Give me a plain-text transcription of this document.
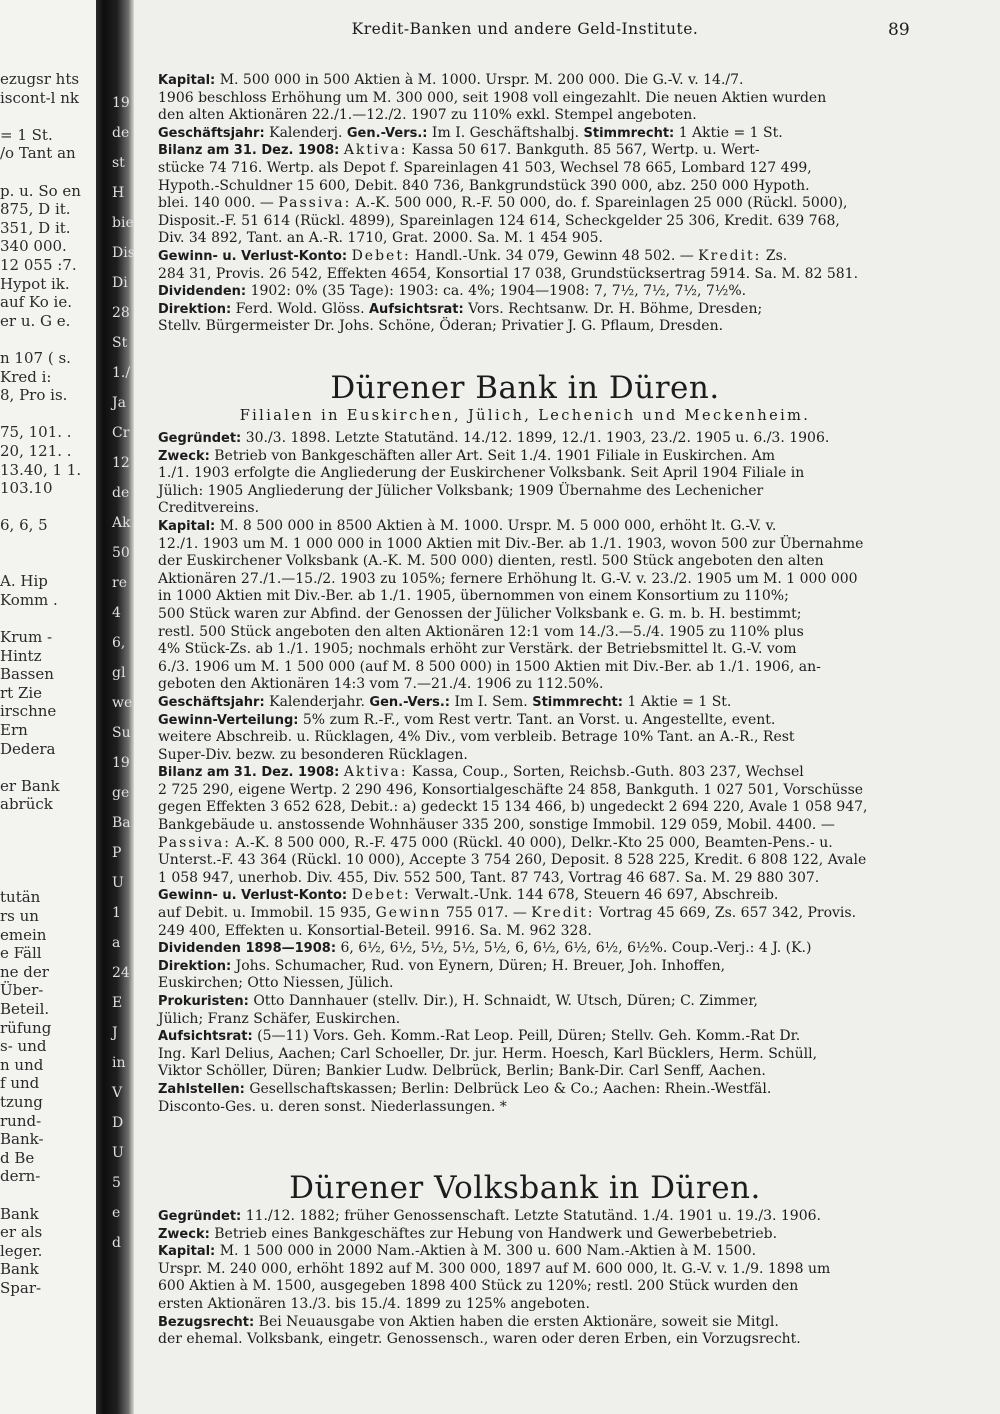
ezugsr hts
iscont-l nk
= 1 St.
/o Tant an
p. u. So en
875, D it.
351, D it.
340 000.
12 055 :7.
Hypot ik.
auf Ko ie.
er u. G e.
n 107 ( s.
Kred i:
8, Pro is.
75, 101. .
20, 121. .
13.40, 1 1.
103.10
6, 6, 5
A. Hip
Komm .
Krum -
Hintz
Bassen
rt Zie
irschne
Ern
Dedera
er Bank
abrück
tutän
rs un
emein
e Fäll
ne der
Über-
Beteil.
rüfung
s- und
n und
f und
tzung
rund-
Bank-
d Be
dern-
Bank
er als
leger.
Bank
Spar-
19
de
st
H
bie
Dis
Di
28
St
1./
Ja
Cr
12
de
Ak
50
re
4
6,
gl
we
Su
19
ge
Ba
P
U
1
a
24
E
J
in
V
D
U
5
e
d
Kredit-Banken und andere Geld-Institute.	89

Kapital: M. 500 000 in 500 Aktien à M. 1000. Urspr. M. 200 000. Die G.-V. v. 14./7.

1906 beschloss Erhöhung um M. 300 000, seit 1908 voll eingezahlt. Die neuen Aktien wurden

den alten Aktionären 22./1.—12./2. 1907 zu 110% exkl. Stempel angeboten.

Geschäftsjahr: Kalenderj. Gen.-Vers.: Im I. Geschäftshalbj. Stimmrecht: 1 Aktie = 1 St.

Bilanz am 31. Dez. 1908: Aktiva: Kassa 50 617. Bankguth. 85 567, Wertp. u. Wert-

stücke 74 716. Wertp. als Depot f. Spareinlagen 41 503, Wechsel 78 665, Lombard 127 499,

Hypoth.-Schuldner 15 600, Debit. 840 736, Bankgrundstück 390 000, abz. 250 000 Hypoth.

blei. 140 000. — Passiva: A.-K. 500 000, R.-F. 50 000, do. f. Spareinlagen 25 000 (Rückl. 5000),

Disposit.-F. 51 614 (Rückl. 4899), Spareinlagen 124 614, Scheckgelder 25 306, Kredit. 639 768,

Div. 34 892, Tant. an A.-R. 1710, Grat. 2000. Sa. M. 1 454 905.

Gewinn- u. Verlust-Konto: Debet: Handl.-Unk. 34 079, Gewinn 48 502. — Kredit: Zs.

284 31, Provis. 26 542, Effekten 4654, Konsortial 17 038, Grundstücksertrag 5914. Sa. M. 82 581.

Dividenden: 1902: 0% (35 Tage): 1903: ca. 4%; 1904—1908: 7, 7½, 7½, 7½, 7½%.

Direktion: Ferd. Wold. Glöss. Aufsichtsrat: Vors. Rechtsanw. Dr. H. Böhme, Dresden;

Stellv. Bürgermeister Dr. Johs. Schöne, Öderan; Privatier J. G. Pflaum, Dresden.

Dürener Bank in Düren.
Filialen in Euskirchen, Jülich, Lechenich und Meckenheim.

Gegründet: 30./3. 1898. Letzte Statutänd. 14./12. 1899, 12./1. 1903, 23./2. 1905 u. 6./3. 1906.

Zweck: Betrieb von Bankgeschäften aller Art. Seit 1./4. 1901 Filiale in Euskirchen. Am

1./1. 1903 erfolgte die Angliederung der Euskirchener Volksbank. Seit April 1904 Filiale in

Jülich: 1905 Angliederung der Jülicher Volksbank; 1909 Übernahme des Lechenicher

Creditvereins.

Kapital: M. 8 500 000 in 8500 Aktien à M. 1000. Urspr. M. 5 000 000, erhöht lt. G.-V. v.

12./1. 1903 um M. 1 000 000 in 1000 Aktien mit Div.-Ber. ab 1./1. 1903, wovon 500 zur Übernahme

der Euskirchener Volksbank (A.-K. M. 500 000) dienten, restl. 500 Stück angeboten den alten

Aktionären 27./1.—15./2. 1903 zu 105%; fernere Erhöhung lt. G.-V. v. 23./2. 1905 um M. 1 000 000

in 1000 Aktien mit Div.-Ber. ab 1./1. 1905, übernommen von einem Konsortium zu 110%;

500 Stück waren zur Abfind. der Genossen der Jülicher Volksbank e. G. m. b. H. bestimmt;

restl. 500 Stück angeboten den alten Aktionären 12:1 vom 14./3.—5./4. 1905 zu 110% plus

4% Stück-Zs. ab 1./1. 1905; nochmals erhöht zur Verstärk. der Betriebsmittel lt. G.-V. vom

6./3. 1906 um M. 1 500 000 (auf M. 8 500 000) in 1500 Aktien mit Div.-Ber. ab 1./1. 1906, an-

geboten den Aktionären 14:3 vom 7.—21./4. 1906 zu 112.50%.

Geschäftsjahr: Kalenderjahr. Gen.-Vers.: Im I. Sem. Stimmrecht: 1 Aktie = 1 St.

Gewinn-Verteilung: 5% zum R.-F., vom Rest vertr. Tant. an Vorst. u. Angestellte, event.

weitere Abschreib. u. Rücklagen, 4% Div., vom verbleib. Betrage 10% Tant. an A.-R., Rest

Super-Div. bezw. zu besonderen Rücklagen.

Bilanz am 31. Dez. 1908: Aktiva: Kassa, Coup., Sorten, Reichsb.-Guth. 803 237, Wechsel

2 725 290, eigene Wertp. 2 290 496, Konsortialgeschäfte 24 858, Bankguth. 1 027 501, Vorschüsse

gegen Effekten 3 652 628, Debit.: a) gedeckt 15 134 466, b) ungedeckt 2 694 220, Avale 1 058 947,

Bankgebäude u. anstossende Wohnhäuser 335 200, sonstige Immobil. 129 059, Mobil. 4400. —

Passiva: A.-K. 8 500 000, R.-F. 475 000 (Rückl. 40 000), Delkr.-Kto 25 000, Beamten-Pens.- u.

Unterst.-F. 43 364 (Rückl. 10 000), Accepte 3 754 260, Deposit. 8 528 225, Kredit. 6 808 122, Avale

1 058 947, unerhob. Div. 455, Div. 552 500, Tant. 87 743, Vortrag 46 687. Sa. M. 29 880 307.

Gewinn- u. Verlust-Konto: Debet: Verwalt.-Unk. 144 678, Steuern 46 697, Abschreib.

auf Debit. u. Immobil. 15 935, Gewinn 755 017. — Kredit: Vortrag 45 669, Zs. 657 342, Provis.

249 400, Effekten u. Konsortial-Beteil. 9916. Sa. M. 962 328.

Dividenden 1898—1908: 6, 6½, 6½, 5½, 5½, 5½, 6, 6½, 6½, 6½, 6½%. Coup.-Verj.: 4 J. (K.)

Direktion: Johs. Schumacher, Rud. von Eynern, Düren; H. Breuer, Joh. Inhoffen,

Euskirchen; Otto Niessen, Jülich.

Prokuristen: Otto Dannhauer (stellv. Dir.), H. Schnaidt, W. Utsch, Düren; C. Zimmer,

Jülich; Franz Schäfer, Euskirchen.

Aufsichtsrat: (5—11) Vors. Geh. Komm.-Rat Leop. Peill, Düren; Stellv. Geh. Komm.-Rat Dr.

Ing. Karl Delius, Aachen; Carl Schoeller, Dr. jur. Herm. Hoesch, Karl Bücklers, Herm. Schüll,

Viktor Schöller, Düren; Bankier Ludw. Delbrück, Berlin; Bank-Dir. Carl Senff, Aachen.

Zahlstellen: Gesellschaftskassen; Berlin: Delbrück Leo & Co.; Aachen: Rhein.-Westfäl.

Disconto-Ges. u. deren sonst. Niederlassungen. *

Dürener Volksbank in Düren.

Gegründet: 11./12. 1882; früher Genossenschaft. Letzte Statutänd. 1./4. 1901 u. 19./3. 1906.

Zweck: Betrieb eines Bankgeschäftes zur Hebung von Handwerk und Gewerbebetrieb.

Kapital: M. 1 500 000 in 2000 Nam.-Aktien à M. 300 u. 600 Nam.-Aktien à M. 1500.

Urspr. M. 240 000, erhöht 1892 auf M. 300 000, 1897 auf M. 600 000, lt. G.-V. v. 1./9. 1898 um

600 Aktien à M. 1500, ausgegeben 1898 400 Stück zu 120%; restl. 200 Stück wurden den

ersten Aktionären 13./3. bis 15./4. 1899 zu 125% angeboten.

Bezugsrecht: Bei Neuausgabe von Aktien haben die ersten Aktionäre, soweit sie Mitgl.

der ehemal. Volksbank, eingetr. Genossensch., waren oder deren Erben, ein Vorzugsrecht.
